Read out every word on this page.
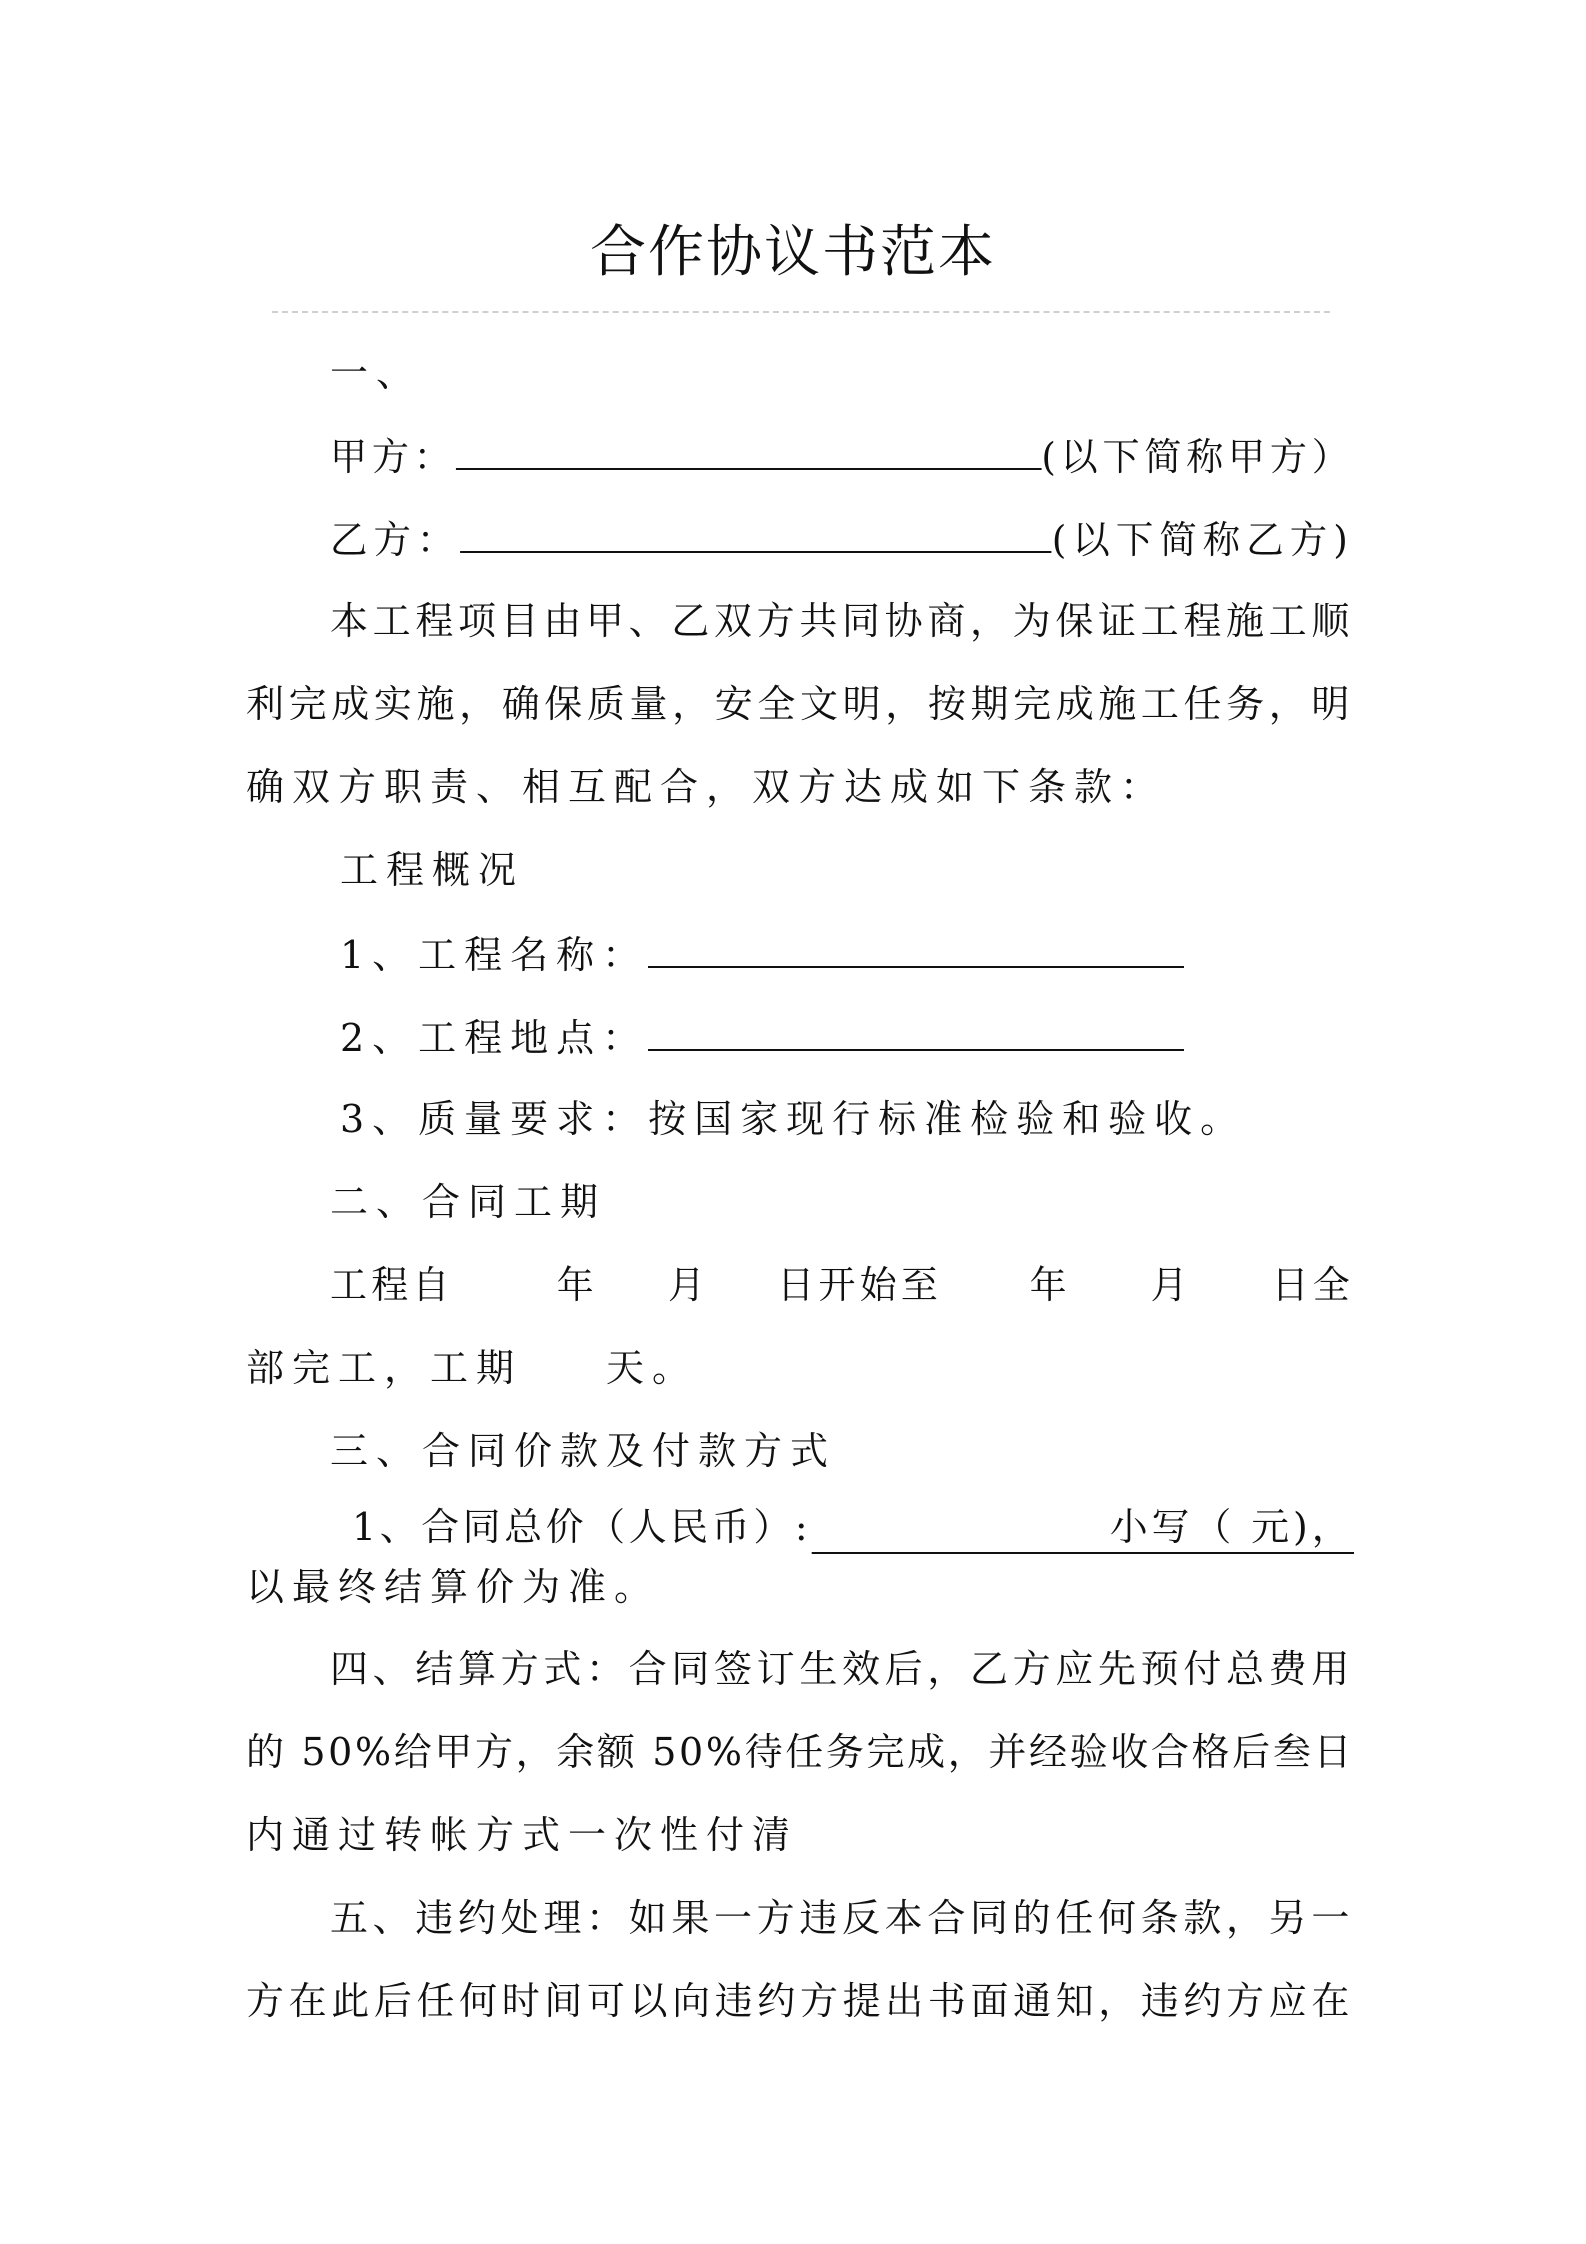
合作协议书范本
一、
甲方：	(以下简称甲方）
乙方：	(以下简称乙方)
本工程项目由甲、乙双方共同协商，为保证工程施工顺
利完成实施，确保质量，安全文明，按期完成施工任务，明
确双方职责、相互配合，双方达成如下条款：
工程概况
1、工程名称：
2、工程地点：
3、质量要求：按国家现行标准检验和验收。
二、合同工期
工程自	年 月 日开始至 年 月 日全
部完工，工期 天。
三、合同价款及付款方式
1、合同总价（人民币）:	小写（ 元)，
以最终结算价为准。
四、结算方式：合同签订生效后，乙方应先预付总费用
的 50%给甲方，余额 50%待任务完成，并经验收合格后叁日
内通过转帐方式一次性付清
五、违约处理：如果一方违反本合同的任何条款，另一
方在此后任何时间可以向违约方提出书面通知，违约方应在
